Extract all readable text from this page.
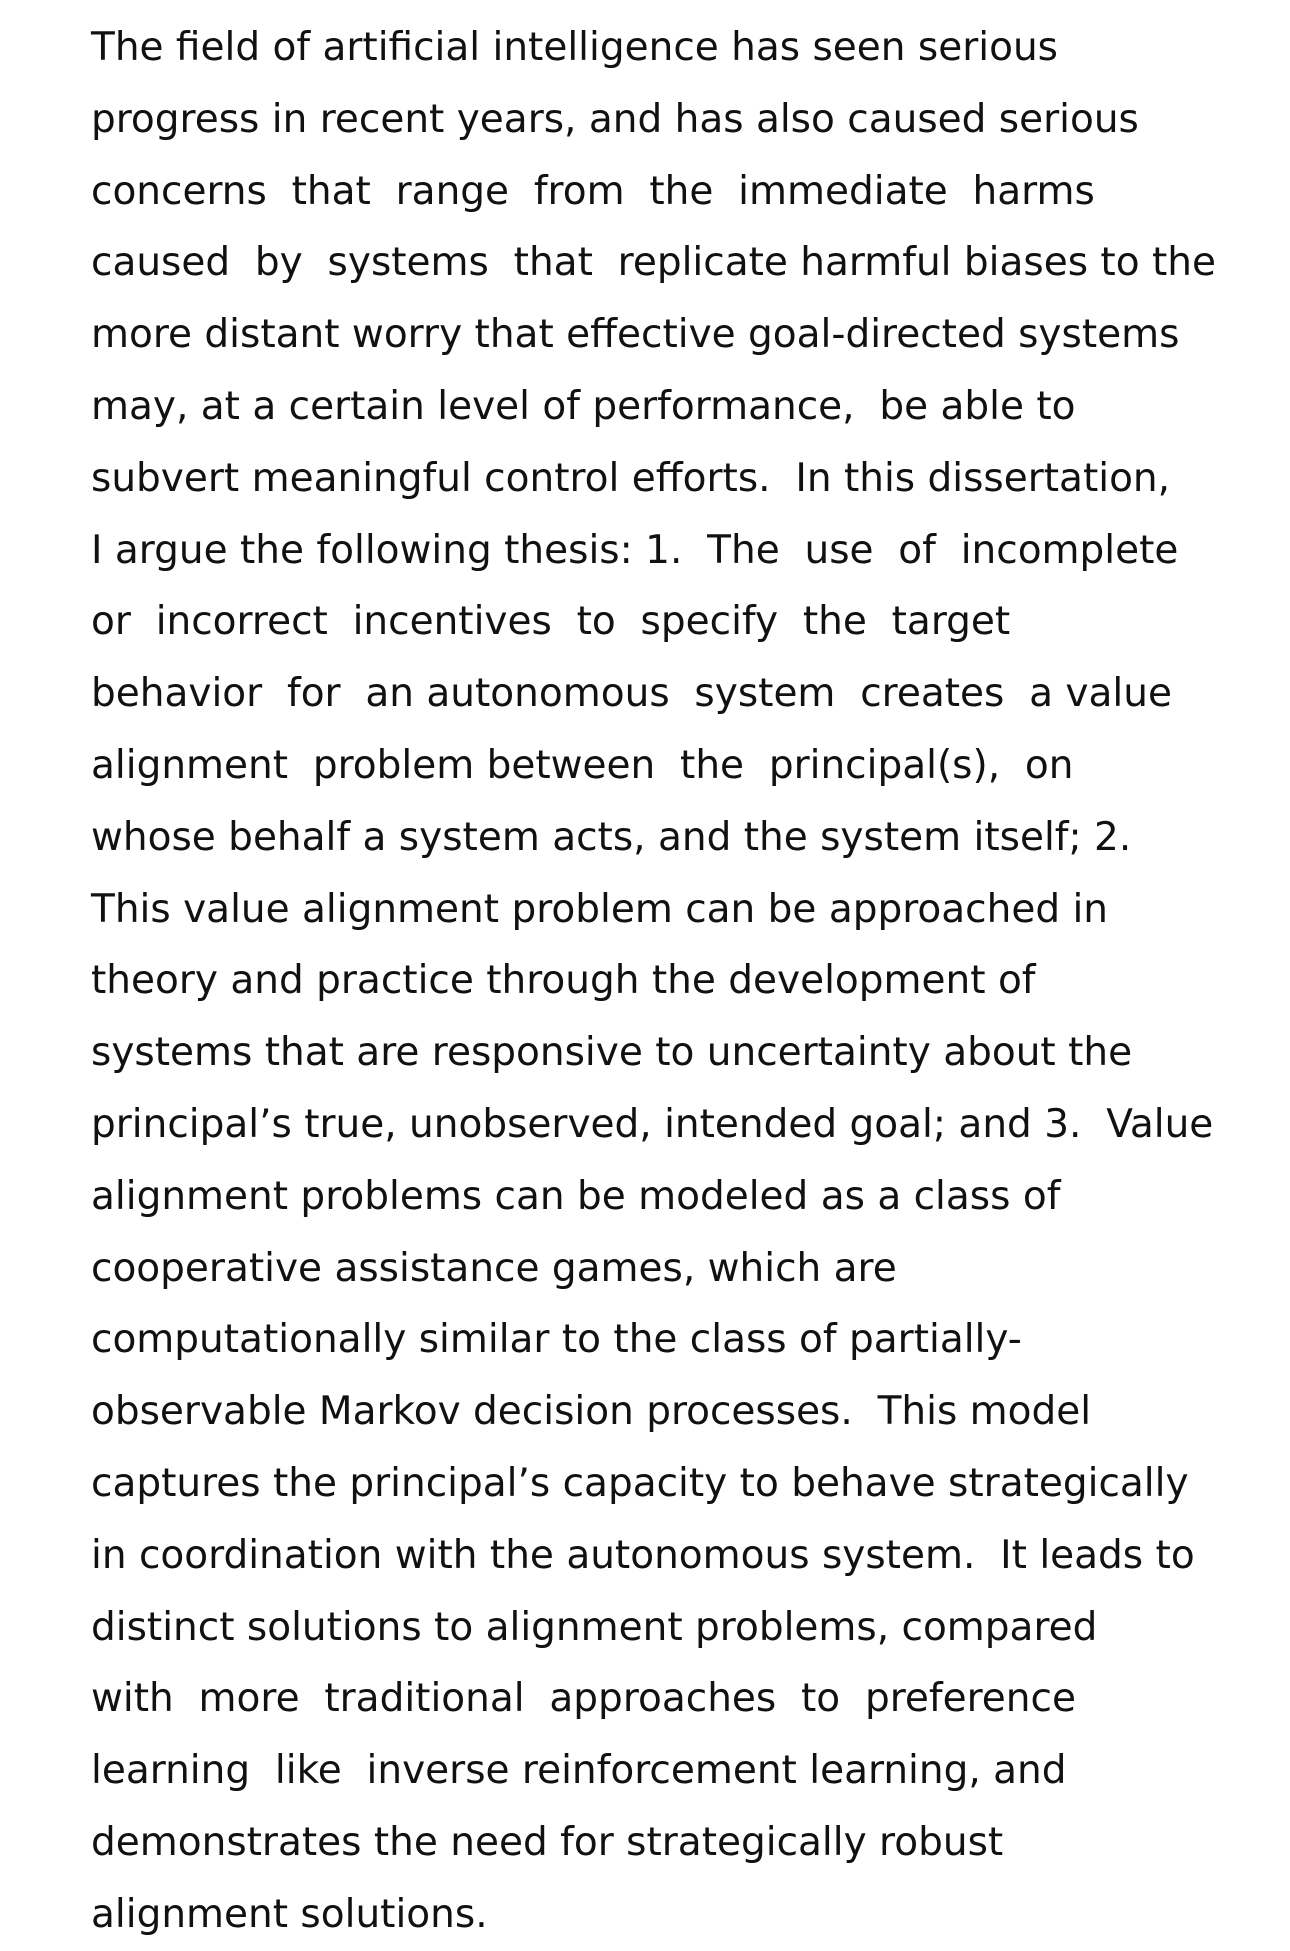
The field of artificial intelligence has seen serious
progress in recent years, and has also caused serious
concerns  that  range  from  the  immediate  harms
caused  by  systems  that  replicate harmful biases to the
more distant worry that effective goal-directed systems
may, at a certain level of performance,  be able to
subvert meaningful control efforts.  In this dissertation,
I argue the following thesis: 1.  The  use  of  incomplete
or  incorrect  incentives  to  specify  the  target
behavior  for  an autonomous  system  creates  a value
alignment  problem between  the  principal(s),  on
whose behalf a system acts, and the system itself; 2.
This value alignment problem can be approached in
theory and practice through the development of
systems that are responsive to uncertainty about the
principal’s true, unobserved, intended goal; and 3.  Value
alignment problems can be modeled as a class of
cooperative assistance games, which are
computationally similar to the class of partially-
observable Markov decision processes.  This model
captures the principal’s capacity to behave strategically
in coordination with the autonomous system.  It leads to
distinct solutions to alignment problems, compared
with  more  traditional  approaches  to  preference
learning  like  inverse reinforcement learning, and
demonstrates the need for strategically robust
alignment solutions.
